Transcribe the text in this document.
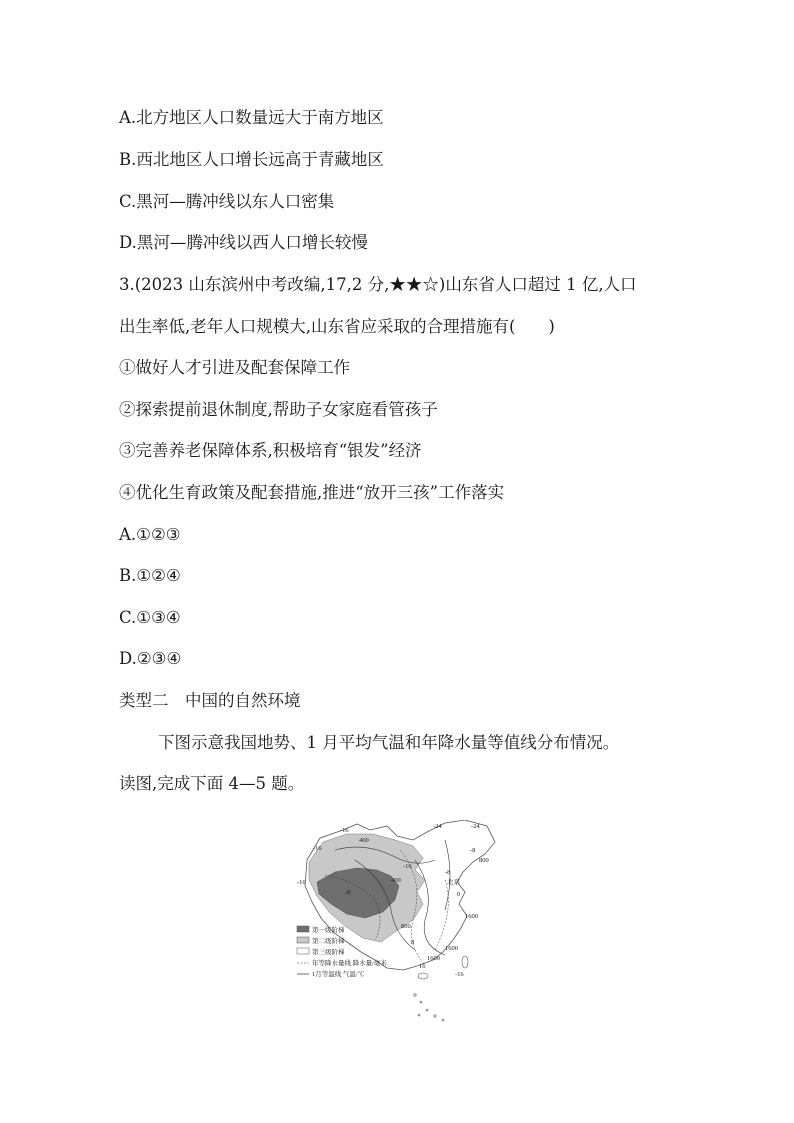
A.北方地区人口数量远大于南方地区
B.西北地区人口增长远高于青藏地区
C.黑河—腾冲线以东人口密集
D.黑河—腾冲线以西人口增长较慢
3.(2023 山东滨州中考改编,17,2 分,★★☆)山东省人口超过 1 亿,人口
出生率低,老年人口规模大,山东省应采取的合理措施有(　　)
①做好人才引进及配套保障工作
②探索提前退休制度,帮助子女家庭看管孩子
③完善养老保障体系,积极培育“银发”经济
④优化生育政策及配套措施,推进“放开三孩”工作落实
A.①②③
B.①②④
C.①③④
D.②③④
类型二　中国的自然环境
下图示意我国地势、1 月平均气温和年降水量等值线分布情况。
读图,完成下面 4—5 题。
-16
400
-16
-24	-24
-8
800
-16
-16
-8
-8
400	北京
0
1600
1600
8
1600
16
800
-16
第一级阶梯
第二级阶梯
第三级阶梯
年等降水量线 降水量/毫米
1月等温线 气温/℃
